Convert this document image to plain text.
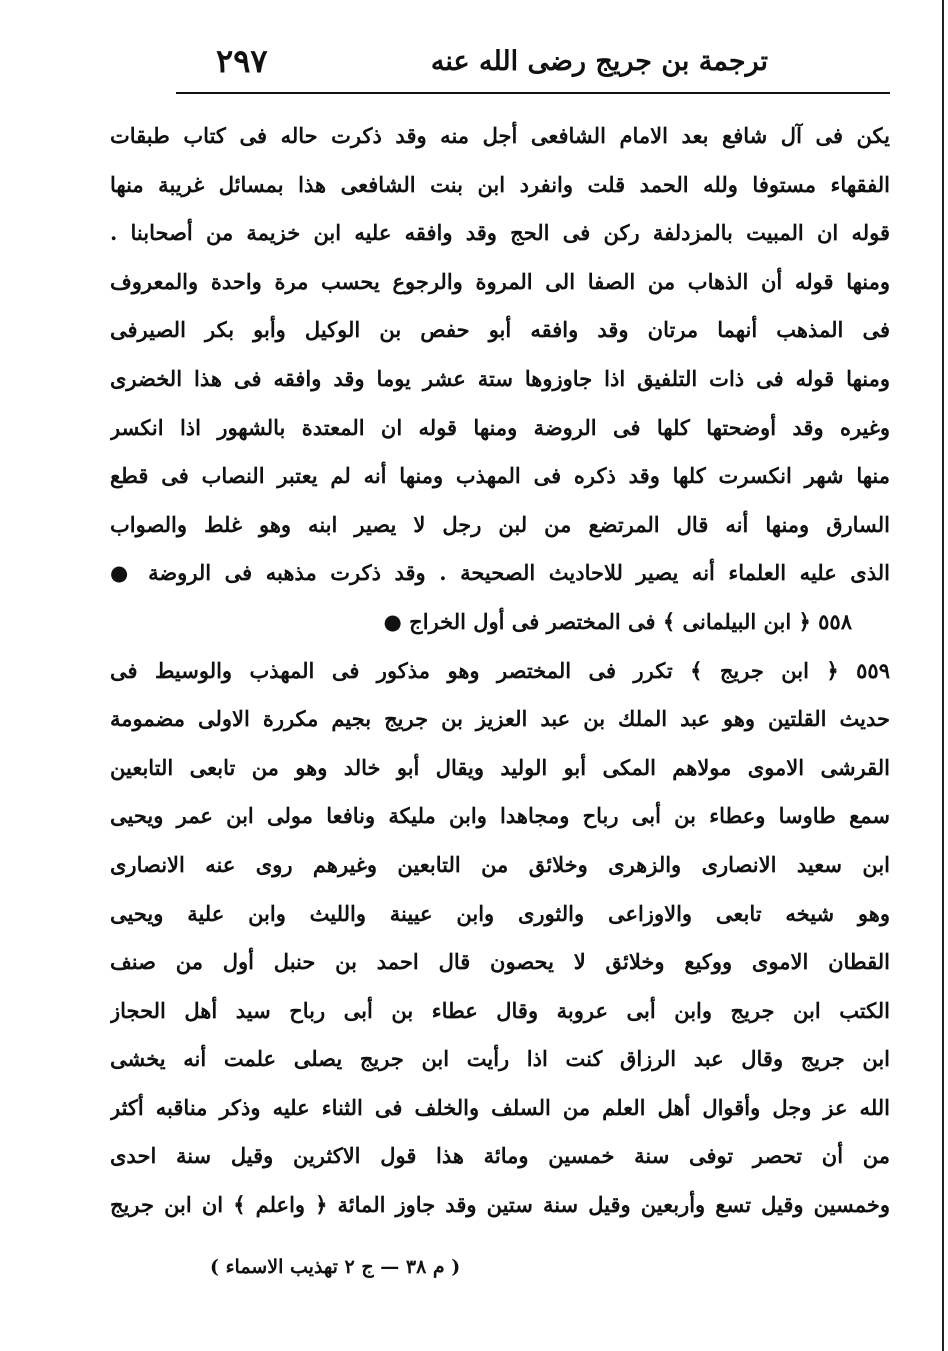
ترجمة بن جريج رضى الله عنه
٢٩٧
يكن فى آل شافع بعد الامام الشافعى أجل منه وقد ذكرت حاله فى كتاب طبقات
الفقهاء مستوفا ولله الحمد قلت وانفرد ابن بنت الشافعى هذا بمسائل غريبة منها
قوله ان المبيت بالمزدلفة ركن فى الحج وقد وافقه عليه ابن خزيمة من أصحابنا .
ومنها قوله أن الذهاب من الصفا الى المروة والرجوع يحسب مرة واحدة والمعروف
فى المذهب أنهما مرتان وقد وافقه أبو حفص بن الوكيل وأبو بكر الصيرفى
ومنها قوله فى ذات التلفيق اذا جاوزوها ستة عشر يوما وقد وافقه فى هذا الخضرى
وغيره وقد أوضحتها كلها فى الروضة ومنها قوله ان المعتدة بالشهور اذا انكسر
منها شهر انكسرت كلها وقد ذكره فى المهذب ومنها أنه لم يعتبر النصاب فى قطع
السارق ومنها أنه قال المرتضع من لبن رجل لا يصير ابنه وهو غلط والصواب
الذى عليه العلماء أنه يصير للاحاديث الصحيحة . وقد ذكرت مذهبه فى الروضة ●
٥٥٨ ﴿ ابن البيلمانى ﴾ فى المختصر فى أول الخراج ●
٥٥٩ ﴿ ابن جريج ﴾ تكرر فى المختصر وهو مذكور فى المهذب والوسيط فى
حديث القلتين وهو عبد الملك بن عبد العزيز بن جريج بجيم مكررة الاولى مضمومة
القرشى الاموى مولاهم المكى أبو الوليد ويقال أبو خالد وهو من تابعى التابعين
سمع طاوسا وعطاء بن أبى رباح ومجاهدا وابن مليكة ونافعا مولى ابن عمر ويحيى
ابن سعيد الانصارى والزهرى وخلائق من التابعين وغيرهم روى عنه الانصارى
وهو شيخه تابعى والاوزاعى والثورى وابن عيينة والليث وابن علية ويحيى
القطان الاموى ووكيع وخلائق لا يحصون قال احمد بن حنبل أول من صنف
الكتب ابن جريج وابن أبى عروبة وقال عطاء بن أبى رباح سيد أهل الحجاز
ابن جريج وقال عبد الرزاق كنت اذا رأيت ابن جريج يصلى علمت أنه يخشى
الله عز وجل وأقوال أهل العلم من السلف والخلف فى الثناء عليه وذكر مناقبه أكثر
من أن تحصر توفى سنة خمسين ومائة هذا قول الاكثرين وقيل سنة احدى
وخمسين وقيل تسع وأربعين وقيل سنة ستين وقد جاوز المائة ﴿ واعلم ﴾ ان ابن جريج
( م ٣٨ — ج ٢ تهذيب الاسماء )
